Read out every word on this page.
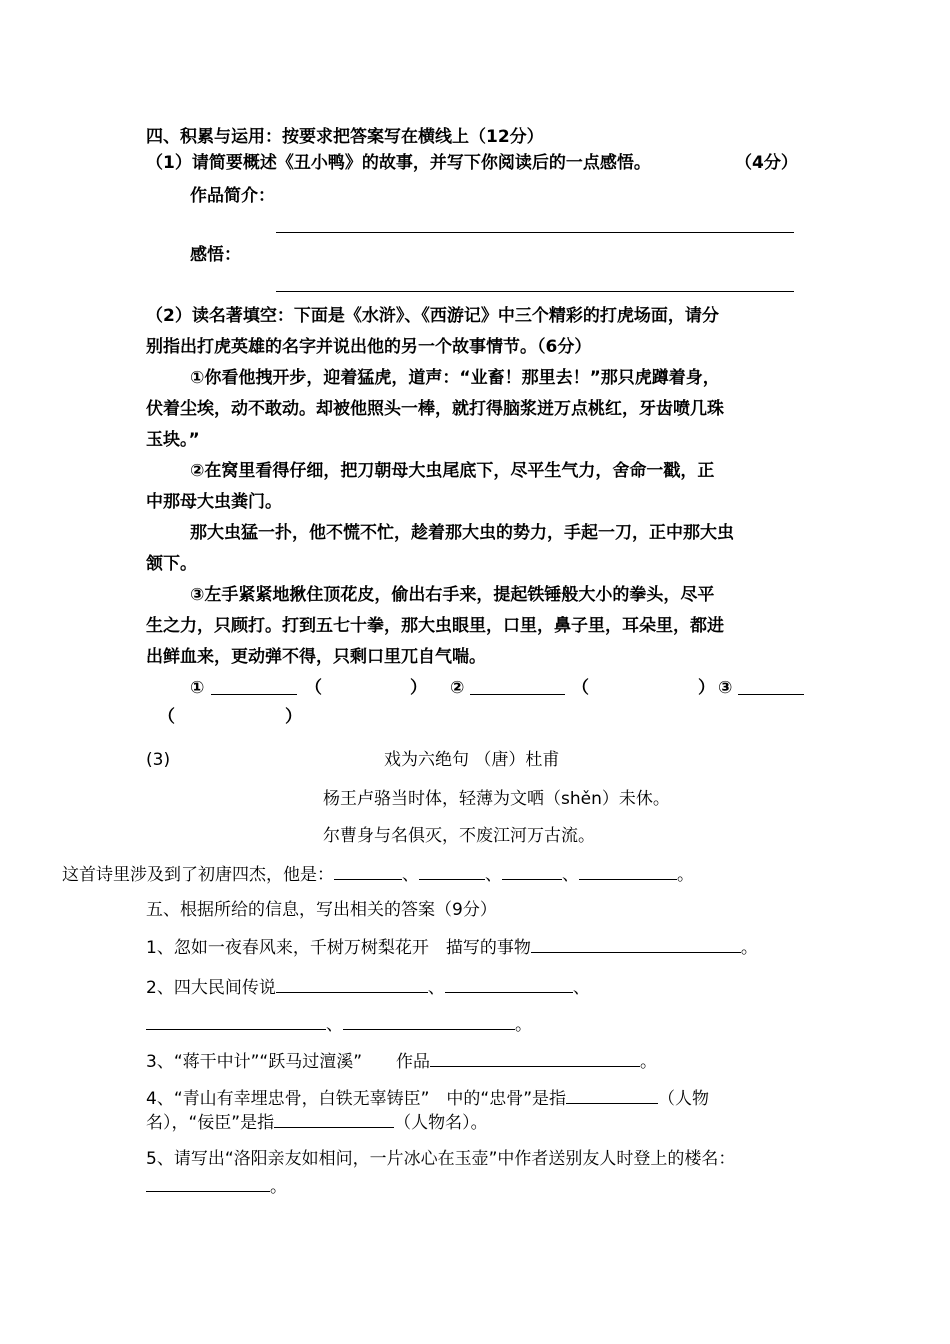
四、积累与运用：按要求把答案写在横线上（12分）
（1）请简要概述《丑小鸭》的故事，并写下你阅读后的一点感悟。	（4分）
作品简介：
感悟：
（2）读名著填空：下面是《水浒》、《西游记》中三个精彩的打虎场面，请分
别指出打虎英雄的名字并说出他的另一个故事情节。（6分）
①你看他拽开步，迎着猛虎，道声：“业畜！那里去！”那只虎蹲着身，
伏着尘埃，动不敢动。却被他照头一棒，就打得脑浆迸万点桃红，牙齿喷几珠
玉块。”
②在窝里看得仔细，把刀朝母大虫尾底下，尽平生气力，舍命一戳，正
中那母大虫粪门。
那大虫猛一扑，他不慌不忙，趁着那大虫的势力，手起一刀，正中那大虫
颔下。
③左手紧紧地揪住顶花皮，偷出右手来，提起铁锤般大小的拳头，尽平
生之力，只顾打。打到五七十拳，那大虫眼里，口里，鼻子里，耳朵里，都进
出鲜血来，更动弹不得，只剩口里兀自气喘。
①	（	） ②	（	） ③
（	）
(3)	戏为六绝句 （唐）杜甫
杨王卢骆当时体，轻薄为文哂（shěn）未休。
尔曹身与名俱灭，不废江河万古流。
这首诗里涉及到了初唐四杰，他是：	、	、	、	。
五、根据所给的信息，写出相关的答案（9分）
1、忽如一夜春风来，千树万树梨花开　描写的事物	。
2、四大民间传说	、	、
、	。
3、“蒋干中计”“跃马过澶溪”　　作品	。
4、“青山有幸埋忠骨，白铁无辜铸臣”　中的“忠骨”是指	（人物
名），“佞臣”是指	（人物名）。
5、请写出“洛阳亲友如相问，一片冰心在玉壶”中作者送别友人时登上的楼名：
。
